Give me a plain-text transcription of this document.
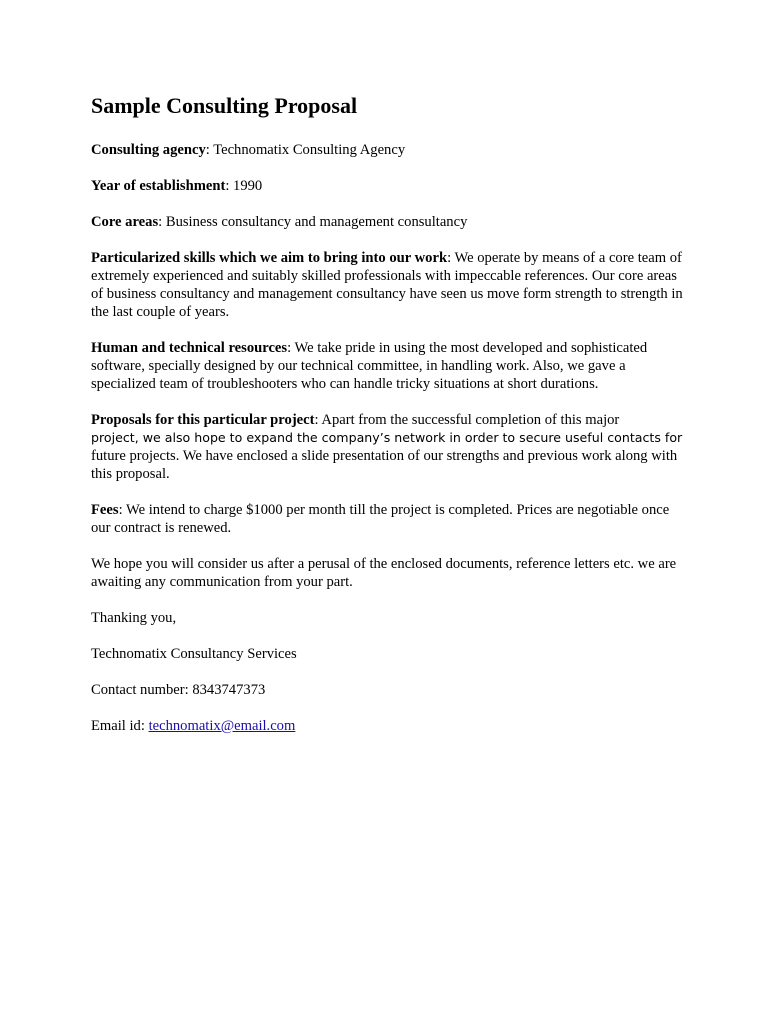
Sample Consulting Proposal

Consulting agency: Technomatix Consulting Agency

Year of establishment: 1990

Core areas: Business consultancy and management consultancy

Particularized skills which we aim to bring into our work: We operate by means of a core team of extremely experienced and suitably skilled professionals with impeccable references. Our core areas of business consultancy and management consultancy have seen us move form strength to strength in the last couple of years.

Human and technical resources: We take pride in using the most developed and sophisticated software, specially designed by our technical committee, in handling work. Also, we gave a specialized team of troubleshooters who can handle tricky situations at short durations.

Proposals for this particular project: Apart from the successful completion of this major
project, we also hope to expand the company’s network in order to secure useful contacts for
future projects. We have enclosed a slide presentation of our strengths and previous work along with this proposal.

Fees: We intend to charge $1000 per month till the project is completed. Prices are negotiable once our contract is renewed.

We hope you will consider us after a perusal of the enclosed documents, reference letters etc. we are awaiting any communication from your part.

Thanking you,

Technomatix Consultancy Services

Contact number: 8343747373

Email id: technomatix@email.com
